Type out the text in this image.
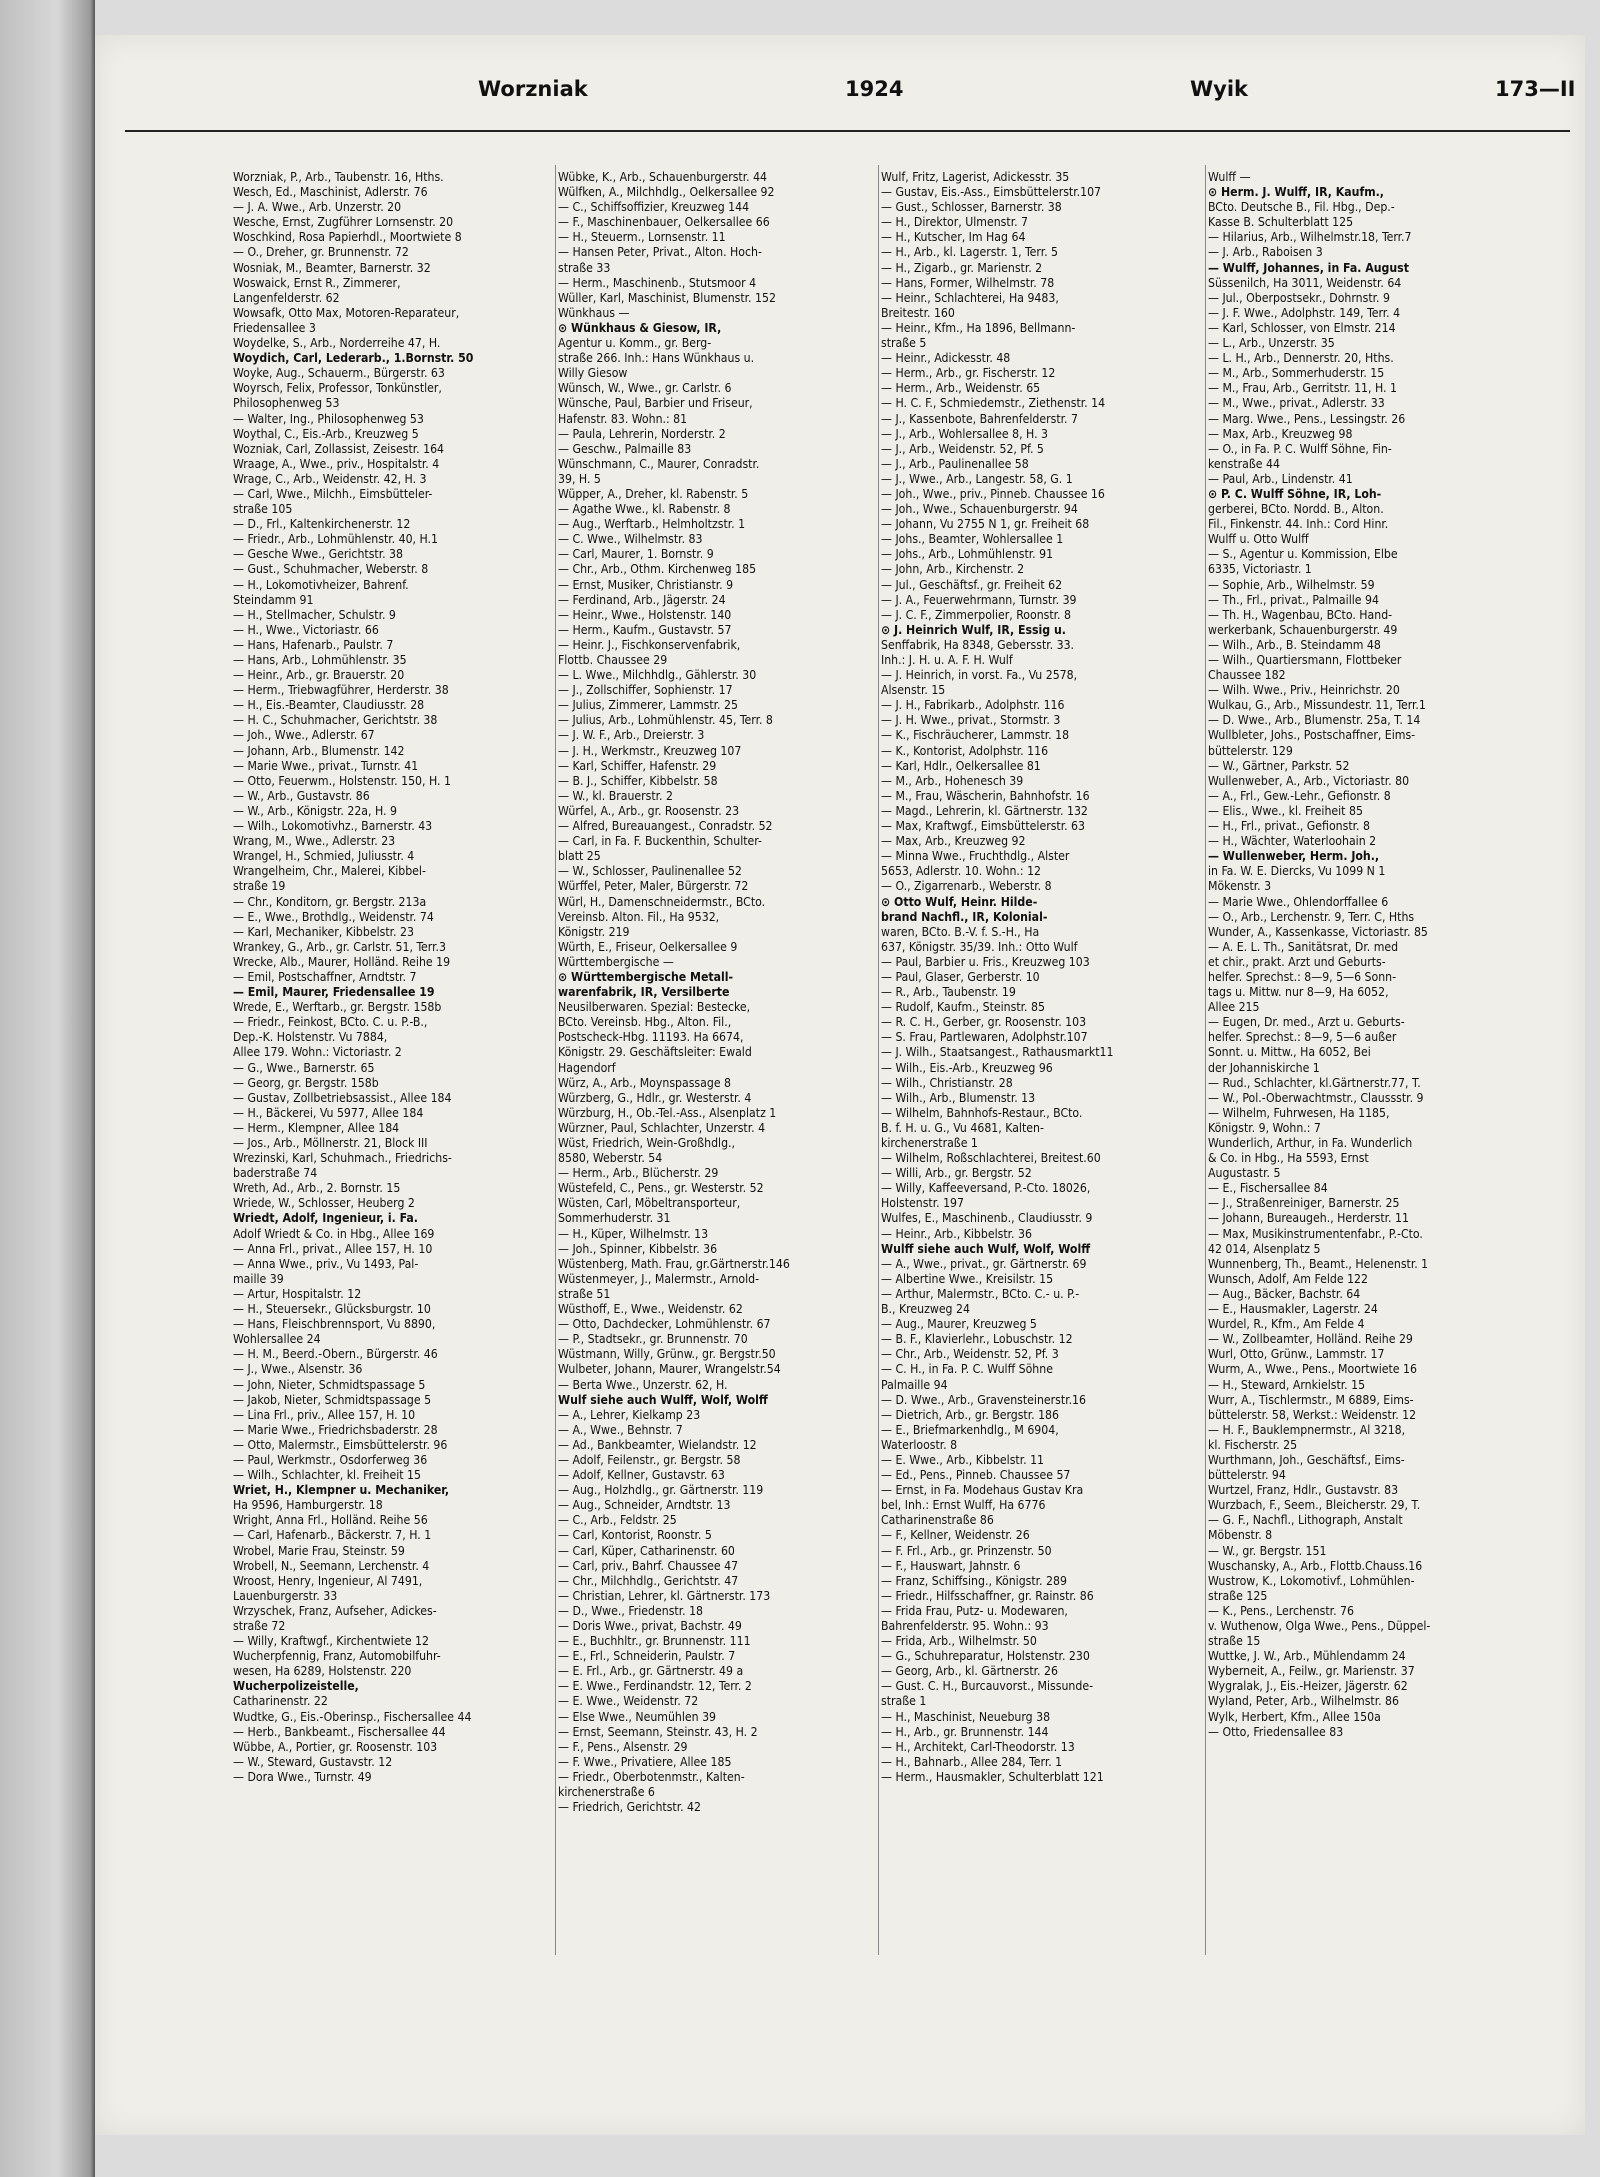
Worzniak	1924	Wyik	173—II
Worzniak, P., Arb., Taubenstr. 16, Hths.
Wesch, Ed., Maschinist, Adlerstr. 76
— J. A. Wwe., Arb. Unzerstr. 20
Wesche, Ernst, Zugführer Lornsenstr. 20
Woschkind, Rosa Papierhdl., Moortwiete 8
— O., Dreher, gr. Brunnenstr. 72
Wosniak, M., Beamter, Barnerstr. 32
Woswaick, Ernst R., Zimmerer,
Langenfelderstr. 62
Wowsafk, Otto Max, Motoren-Reparateur,
Friedensallee 3
Woydelke, S., Arb., Norderreihe 47, H.
Woydich, Carl, Lederarb., 1.Bornstr. 50
Woyke, Aug., Schauerm., Bürgerstr. 63
Woyrsch, Felix, Professor, Tonkünstler,
Philosophenweg 53
— Walter, Ing., Philosophenweg 53
Woythal, C., Eis.-Arb., Kreuzweg 5
Wozniak, Carl, Zollassist, Zeisestr. 164
Wraage, A., Wwe., priv., Hospitalstr. 4
Wrage, C., Arb., Weidenstr. 42, H. 3
— Carl, Wwe., Milchh., Eimsbütteler-
straße 105
— D., Frl., Kaltenkirchenerstr. 12
— Friedr., Arb., Lohmühlenstr. 40, H.1
— Gesche Wwe., Gerichtstr. 38
— Gust., Schuhmacher, Weberstr. 8
— H., Lokomotivheizer, Bahrenf.
Steindamm 91
— H., Stellmacher, Schulstr. 9
— H., Wwe., Victoriastr. 66
— Hans, Hafenarb., Paulstr. 7
— Hans, Arb., Lohmühlenstr. 35
— Heinr., Arb., gr. Brauerstr. 20
— Herm., Triebwagführer, Herderstr. 38
— H., Eis.-Beamter, Claudiusstr. 28
— H. C., Schuhmacher, Gerichtstr. 38
— Joh., Wwe., Adlerstr. 67
— Johann, Arb., Blumenstr. 142
— Marie Wwe., privat., Turnstr. 41
— Otto, Feuerwm., Holstenstr. 150, H. 1
— W., Arb., Gustavstr. 86
— W., Arb., Königstr. 22a, H. 9
— Wilh., Lokomotivhz., Barnerstr. 43
Wrang, M., Wwe., Adlerstr. 23
Wrangel, H., Schmied, Juliusstr. 4
Wrangelheim, Chr., Malerei, Kibbel-
straße 19
— Chr., Konditorn, gr. Bergstr. 213a
— E., Wwe., Brothdlg., Weidenstr. 74
— Karl, Mechaniker, Kibbelstr. 23
Wrankey, G., Arb., gr. Carlstr. 51, Terr.3
Wrecke, Alb., Maurer, Holländ. Reihe 19
— Emil, Postschaffner, Arndtstr. 7
— Emil, Maurer, Friedensallee 19
Wrede, E., Werftarb., gr. Bergstr. 158b
— Friedr., Feinkost, BCto. C. u. P.-B.,
Dep.-K. Holstenstr. Vu 7884,
Allee 179. Wohn.: Victoriastr. 2
— G., Wwe., Barnerstr. 65
— Georg, gr. Bergstr. 158b
— Gustav, Zollbetriebsassist., Allee 184
— H., Bäckerei, Vu 5977, Allee 184
— Herm., Klempner, Allee 184
— Jos., Arb., Möllnerstr. 21, Block III
Wrezinski, Karl, Schuhmach., Friedrichs-
baderstraße 74
Wreth, Ad., Arb., 2. Bornstr. 15
Wriede, W., Schlosser, Heuberg 2
Wriedt, Adolf, Ingenieur, i. Fa.
Adolf Wriedt & Co. in Hbg., Allee 169
— Anna Frl., privat., Allee 157, H. 10
— Anna Wwe., priv., Vu 1493, Pal-
maille 39
— Artur, Hospitalstr. 12
— H., Steuersekr., Glücksburgstr. 10
— Hans, Fleischbrennsport, Vu 8890,
Wohlersallee 24
— H. M., Beerd.-Obern., Bürgerstr. 46
— J., Wwe., Alsenstr. 36
— John, Nieter, Schmidtspassage 5
— Jakob, Nieter, Schmidtspassage 5
— Lina Frl., priv., Allee 157, H. 10
— Marie Wwe., Friedrichsbaderstr. 28
— Otto, Malermstr., Eimsbüttelerstr. 96
— Paul, Werkmstr., Osdorferweg 36
— Wilh., Schlachter, kl. Freiheit 15
Wriet, H., Klempner u. Mechaniker,
Ha 9596, Hamburgerstr. 18
Wright, Anna Frl., Holländ. Reihe 56
— Carl, Hafenarb., Bäckerstr. 7, H. 1
Wrobel, Marie Frau, Steinstr. 59
Wrobell, N., Seemann, Lerchenstr. 4
Wroost, Henry, Ingenieur, Al 7491,
Lauenburgerstr. 33
Wrzyschek, Franz, Aufseher, Adickes-
straße 72
— Willy, Kraftwgf., Kirchentwiete 12
Wucherpfennig, Franz, Automobilfuhr-
wesen, Ha 6289, Holstenstr. 220
Wucherpolizeistelle,
Catharinenstr. 22
Wudtke, G., Eis.-Oberinsp., Fischersallee 44
— Herb., Bankbeamt., Fischersallee 44
Wübbe, A., Portier, gr. Roosenstr. 103
— W., Steward, Gustavstr. 12
— Dora Wwe., Turnstr. 49
Wübke, K., Arb., Schauenburgerstr. 44
Wülfken, A., Milchhdlg., Oelkersallee 92
— C., Schiffsoffizier, Kreuzweg 144
— F., Maschinenbauer, Oelkersallee 66
— H., Steuerm., Lornsenstr. 11
— Hansen Peter, Privat., Alton. Hoch-
straße 33
— Herm., Maschinenb., Stutsmoor 4
Wüller, Karl, Maschinist, Blumenstr. 152
Wünkhaus —
⊙ Wünkhaus & Giesow, IR,
Agentur u. Komm., gr. Berg-
straße 266. Inh.: Hans Wünkhaus u.
Willy Giesow
Wünsch, W., Wwe., gr. Carlstr. 6
Wünsche, Paul, Barbier und Friseur,
Hafenstr. 83. Wohn.: 81
— Paula, Lehrerin, Norderstr. 2
— Geschw., Palmaille 83
Wünschmann, C., Maurer, Conradstr.
39, H. 5
Wüpper, A., Dreher, kl. Rabenstr. 5
— Agathe Wwe., kl. Rabenstr. 8
— Aug., Werftarb., Helmholtzstr. 1
— C. Wwe., Wilhelmstr. 83
— Carl, Maurer, 1. Bornstr. 9
— Chr., Arb., Othm. Kirchenweg 185
— Ernst, Musiker, Christianstr. 9
— Ferdinand, Arb., Jägerstr. 24
— Heinr., Wwe., Holstenstr. 140
— Herm., Kaufm., Gustavstr. 57
— Heinr. J., Fischkonservenfabrik,
Flottb. Chaussee 29
— L. Wwe., Milchhdlg., Gählerstr. 30
— J., Zollschiffer, Sophienstr. 17
— Julius, Zimmerer, Lammstr. 25
— Julius, Arb., Lohmühlenstr. 45, Terr. 8
— J. W. F., Arb., Dreierstr. 3
— J. H., Werkmstr., Kreuzweg 107
— Karl, Schiffer, Hafenstr. 29
— B. J., Schiffer, Kibbelstr. 58
— W., kl. Brauerstr. 2
Würfel, A., Arb., gr. Roosenstr. 23
— Alfred, Bureauangest., Conradstr. 52
— Carl, in Fa. F. Buckenthin, Schulter-
blatt 25
— W., Schlosser, Paulinenallee 52
Würffel, Peter, Maler, Bürgerstr. 72
Würl, H., Damenschneidermstr., BCto.
Vereinsb. Alton. Fil., Ha 9532,
Königstr. 219
Würth, E., Friseur, Oelkersallee 9
Württembergische —
⊙ Württembergische Metall-
warenfabrik, IR, Versilberte
Neusilberwaren. Spezial: Bestecke,
BCto. Vereinsb. Hbg., Alton. Fil.,
Postscheck-Hbg. 11193. Ha 6674,
Königstr. 29. Geschäftsleiter: Ewald
Hagendorf
Würz, A., Arb., Moynspassage 8
Würzberg, G., Hdlr., gr. Westerstr. 4
Würzburg, H., Ob.-Tel.-Ass., Alsenplatz 1
Würzner, Paul, Schlachter, Unzerstr. 4
Wüst, Friedrich, Wein-Großhdlg.,
8580, Weberstr. 54
— Herm., Arb., Blücherstr. 29
Wüstefeld, C., Pens., gr. Westerstr. 52
Wüsten, Carl, Möbeltransporteur,
Sommerhuderstr. 31
— H., Küper, Wilhelmstr. 13
— Joh., Spinner, Kibbelstr. 36
Wüstenberg, Math. Frau, gr.Gärtnerstr.146
Wüstenmeyer, J., Malermstr., Arnold-
straße 51
Wüsthoff, E., Wwe., Weidenstr. 62
— Otto, Dachdecker, Lohmühlenstr. 67
— P., Stadtsekr., gr. Brunnenstr. 70
Wüstmann, Willy, Grünw., gr. Bergstr.50
Wulbeter, Johann, Maurer, Wrangelstr.54
— Berta Wwe., Unzerstr. 62, H.
Wulf siehe auch Wulff, Wolf, Wolff
— A., Lehrer, Kielkamp 23
— A., Wwe., Behnstr. 7
— Ad., Bankbeamter, Wielandstr. 12
— Adolf, Feilenstr., gr. Bergstr. 58
— Adolf, Kellner, Gustavstr. 63
— Aug., Holzhdlg., gr. Gärtnerstr. 119
— Aug., Schneider, Arndtstr. 13
— C., Arb., Feldstr. 25
— Carl, Kontorist, Roonstr. 5
— Carl, Küper, Catharinenstr. 60
— Carl, priv., Bahrf. Chaussee 47
— Chr., Milchhdlg., Gerichtstr. 47
— Christian, Lehrer, kl. Gärtnerstr. 173
— D., Wwe., Friedenstr. 18
— Doris Wwe., privat, Bachstr. 49
— E., Buchhltr., gr. Brunnenstr. 111
— E., Frl., Schneiderin, Paulstr. 7
— E. Frl., Arb., gr. Gärtnerstr. 49 a
— E. Wwe., Ferdinandstr. 12, Terr. 2
— E. Wwe., Weidenstr. 72
— Else Wwe., Neumühlen 39
— Ernst, Seemann, Steinstr. 43, H. 2
— F., Pens., Alsenstr. 29
— F. Wwe., Privatiere, Allee 185
— Friedr., Oberbotenmstr., Kalten-
kirchenerstraße 6
— Friedrich, Gerichtstr. 42
Wulf, Fritz, Lagerist, Adickesstr. 35
— Gustav, Eis.-Ass., Eimsbüttelerstr.107
— Gust., Schlosser, Barnerstr. 38
— H., Direktor, Ulmenstr. 7
— H., Kutscher, Im Hag 64
— H., Arb., kl. Lagerstr. 1, Terr. 5
— H., Zigarb., gr. Marienstr. 2
— Hans, Former, Wilhelmstr. 78
— Heinr., Schlachterei, Ha 9483,
Breitestr. 160
— Heinr., Kfm., Ha 1896, Bellmann-
straße 5
— Heinr., Adickesstr. 48
— Herm., Arb., gr. Fischerstr. 12
— Herm., Arb., Weidenstr. 65
— H. C. F., Schmiedemstr., Ziethenstr. 14
— J., Kassenbote, Bahrenfelderstr. 7
— J., Arb., Wohlersallee 8, H. 3
— J., Arb., Weidenstr. 52, Pf. 5
— J., Arb., Paulinenallee 58
— J., Wwe., Arb., Langestr. 58, G. 1
— Joh., Wwe., priv., Pinneb. Chaussee 16
— Joh., Wwe., Schauenburgerstr. 94
— Johann, Vu 2755 N 1, gr. Freiheit 68
— Johs., Beamter, Wohlersallee 1
— Johs., Arb., Lohmühlenstr. 91
— John, Arb., Kirchenstr. 2
— Jul., Geschäftsf., gr. Freiheit 62
— J. A., Feuerwehrmann, Turnstr. 39
— J. C. F., Zimmerpolier, Roonstr. 8
⊙ J. Heinrich Wulf, IR, Essig u.
Senffabrik, Ha 8348, Gebersstr. 33.
Inh.: J. H. u. A. F. H. Wulf
— J. Heinrich, in vorst. Fa., Vu 2578,
Alsenstr. 15
— J. H., Fabrikarb., Adolphstr. 116
— J. H. Wwe., privat., Stormstr. 3
— K., Fischräucherer, Lammstr. 18
— K., Kontorist, Adolphstr. 116
— Karl, Hdlr., Oelkersallee 81
— M., Arb., Hohenesch 39
— M., Frau, Wäscherin, Bahnhofstr. 16
— Magd., Lehrerin, kl. Gärtnerstr. 132
— Max, Kraftwgf., Eimsbüttelerstr. 63
— Max, Arb., Kreuzweg 92
— Minna Wwe., Fruchthdlg., Alster
5653, Adlerstr. 10. Wohn.: 12
— O., Zigarrenarb., Weberstr. 8
⊙ Otto Wulf, Heinr. Hilde-
brand Nachfl., IR, Kolonial-
waren, BCto. B.-V. f. S.-H., Ha
637, Königstr. 35/39. Inh.: Otto Wulf
— Paul, Barbier u. Fris., Kreuzweg 103
— Paul, Glaser, Gerberstr. 10
— R., Arb., Taubenstr. 19
— Rudolf, Kaufm., Steinstr. 85
— R. C. H., Gerber, gr. Roosenstr. 103
— S. Frau, Partlewaren, Adolphstr.107
— J. Wilh., Staatsangest., Rathausmarkt11
— Wilh., Eis.-Arb., Kreuzweg 96
— Wilh., Christianstr. 28
— Wilh., Arb., Blumenstr. 13
— Wilhelm, Bahnhofs-Restaur., BCto.
B. f. H. u. G., Vu 4681, Kalten-
kirchenerstraße 1
— Wilhelm, Roßschlachterei, Breitest.60
— Willi, Arb., gr. Bergstr. 52
— Willy, Kaffeeversand, P.-Cto. 18026,
Holstenstr. 197
Wulfes, E., Maschinenb., Claudiusstr. 9
— Heinr., Arb., Kibbelstr. 36
Wulff siehe auch Wulf, Wolf, Wolff
— A., Wwe., privat., gr. Gärtnerstr. 69
— Albertine Wwe., Kreisilstr. 15
— Arthur, Malermstr., BCto. C.- u. P.-
B., Kreuzweg 24
— Aug., Maurer, Kreuzweg 5
— B. F., Klavierlehr., Lobuschstr. 12
— Chr., Arb., Weidenstr. 52, Pf. 3
— C. H., in Fa. P. C. Wulff Söhne
Palmaille 94
— D. Wwe., Arb., Gravensteinerstr.16
— Dietrich, Arb., gr. Bergstr. 186
— E., Briefmarkenhdlg., M 6904,
Waterloostr. 8
— E. Wwe., Arb., Kibbelstr. 11
— Ed., Pens., Pinneb. Chaussee 57
— Ernst, in Fa. Modehaus Gustav Kra
bel, Inh.: Ernst Wulff, Ha 6776
Catharinenstraße 86
— F., Kellner, Weidenstr. 26
— F. Frl., Arb., gr. Prinzenstr. 50
— F., Hauswart, Jahnstr. 6
— Franz, Schiffsing., Königstr. 289
— Friedr., Hilfsschaffner, gr. Rainstr. 86
— Frida Frau, Putz- u. Modewaren,
Bahrenfelderstr. 95. Wohn.: 93
— Frida, Arb., Wilhelmstr. 50
— G., Schuhreparatur, Holstenstr. 230
— Georg, Arb., kl. Gärtnerstr. 26
— Gust. C. H., Burcauvorst., Missunde-
straße 1
— H., Maschinist, Neueburg 38
— H., Arb., gr. Brunnenstr. 144
— H., Architekt, Carl-Theodorstr. 13
— H., Bahnarb., Allee 284, Terr. 1
— Herm., Hausmakler, Schulterblatt 121
Wulff —
⊙ Herm. J. Wulff, IR, Kaufm.,
BCto. Deutsche B., Fil. Hbg., Dep.-
Kasse B. Schulterblatt 125
— Hilarius, Arb., Wilhelmstr.18, Terr.7
— J. Arb., Raboisen 3
— Wulff, Johannes, in Fa. August
Süssenilch, Ha 3011, Weidenstr. 64
— Jul., Oberpostsekr., Dohrnstr. 9
— J. F. Wwe., Adolphstr. 149, Terr. 4
— Karl, Schlosser, von Elmstr. 214
— L., Arb., Unzerstr. 35
— L. H., Arb., Dennerstr. 20, Hths.
— M., Arb., Sommerhuderstr. 15
— M., Frau, Arb., Gerritstr. 11, H. 1
— M., Wwe., privat., Adlerstr. 33
— Marg. Wwe., Pens., Lessingstr. 26
— Max, Arb., Kreuzweg 98
— O., in Fa. P. C. Wulff Söhne, Fin-
kenstraße 44
— Paul, Arb., Lindenstr. 41
⊙ P. C. Wulff Söhne, IR, Loh-
gerberei, BCto. Nordd. B., Alton.
Fil., Finkenstr. 44. Inh.: Cord Hinr.
Wulff u. Otto Wulff
— S., Agentur u. Kommission, Elbe
6335, Victoriastr. 1
— Sophie, Arb., Wilhelmstr. 59
— Th., Frl., privat., Palmaille 94
— Th. H., Wagenbau, BCto. Hand-
werkerbank, Schauenburgerstr. 49
— Wilh., Arb., B. Steindamm 48
— Wilh., Quartiersmann, Flottbeker
Chaussee 182
— Wilh. Wwe., Priv., Heinrichstr. 20
Wulkau, G., Arb., Missundestr. 11, Terr.1
— D. Wwe., Arb., Blumenstr. 25a, T. 14
Wullbleter, Johs., Postschaffner, Eims-
büttelerstr. 129
— W., Gärtner, Parkstr. 52
Wullenweber, A., Arb., Victoriastr. 80
— A., Frl., Gew.-Lehr., Gefionstr. 8
— Elis., Wwe., kl. Freiheit 85
— H., Frl., privat., Gefionstr. 8
— H., Wächter, Waterloohain 2
— Wullenweber, Herm. Joh.,
in Fa. W. E. Diercks, Vu 1099 N 1
Mökenstr. 3
— Marie Wwe., Ohlendorffallee 6
— O., Arb., Lerchenstr. 9, Terr. C, Hths
Wunder, A., Kassenkasse, Victoriastr. 85
— A. E. L. Th., Sanitätsrat, Dr. med
et chir., prakt. Arzt und Geburts-
helfer. Sprechst.: 8—9, 5—6 Sonn-
tags u. Mittw. nur 8—9, Ha 6052,
Allee 215
— Eugen, Dr. med., Arzt u. Geburts-
helfer. Sprechst.: 8—9, 5—6 außer
Sonnt. u. Mittw., Ha 6052, Bei
der Johanniskirche 1
— Rud., Schlachter, kl.Gärtnerstr.77, T.
— W., Pol.-Oberwachtmstr., Claussstr. 9
— Wilhelm, Fuhrwesen, Ha 1185,
Königstr. 9, Wohn.: 7
Wunderlich, Arthur, in Fa. Wunderlich
& Co. in Hbg., Ha 5593, Ernst
Augustastr. 5
— E., Fischersallee 84
— J., Straßenreiniger, Barnerstr. 25
— Johann, Bureaugeh., Herderstr. 11
— Max, Musikinstrumentenfabr., P.-Cto.
42 014, Alsenplatz 5
Wunnenberg, Th., Beamt., Helenenstr. 1
Wunsch, Adolf, Am Felde 122
— Aug., Bäcker, Bachstr. 64
— E., Hausmakler, Lagerstr. 24
Wurdel, R., Kfm., Am Felde 4
— W., Zollbeamter, Holländ. Reihe 29
Wurl, Otto, Grünw., Lammstr. 17
Wurm, A., Wwe., Pens., Moortwiete 16
— H., Steward, Arnkielstr. 15
Wurr, A., Tischlermstr., M 6889, Eims-
büttelerstr. 58, Werkst.: Weidenstr. 12
— H. F., Bauklempnermstr., Al 3218,
kl. Fischerstr. 25
Wurthmann, Joh., Geschäftsf., Eims-
büttelerstr. 94
Wurtzel, Franz, Hdlr., Gustavstr. 83
Wurzbach, F., Seem., Bleicherstr. 29, T.
— G. F., Nachfl., Lithograph, Anstalt
Möbenstr. 8
— W., gr. Bergstr. 151
Wuschansky, A., Arb., Flottb.Chauss.16
Wustrow, K., Lokomotivf., Lohmühlen-
straße 125
— K., Pens., Lerchenstr. 76
v. Wuthenow, Olga Wwe., Pens., Düppel-
straße 15
Wuttke, J. W., Arb., Mühlendamm 24
Wyberneit, A., Feilw., gr. Marienstr. 37
Wygralak, J., Eis.-Heizer, Jägerstr. 62
Wyland, Peter, Arb., Wilhelmstr. 86
Wylk, Herbert, Kfm., Allee 150a
— Otto, Friedensallee 83
